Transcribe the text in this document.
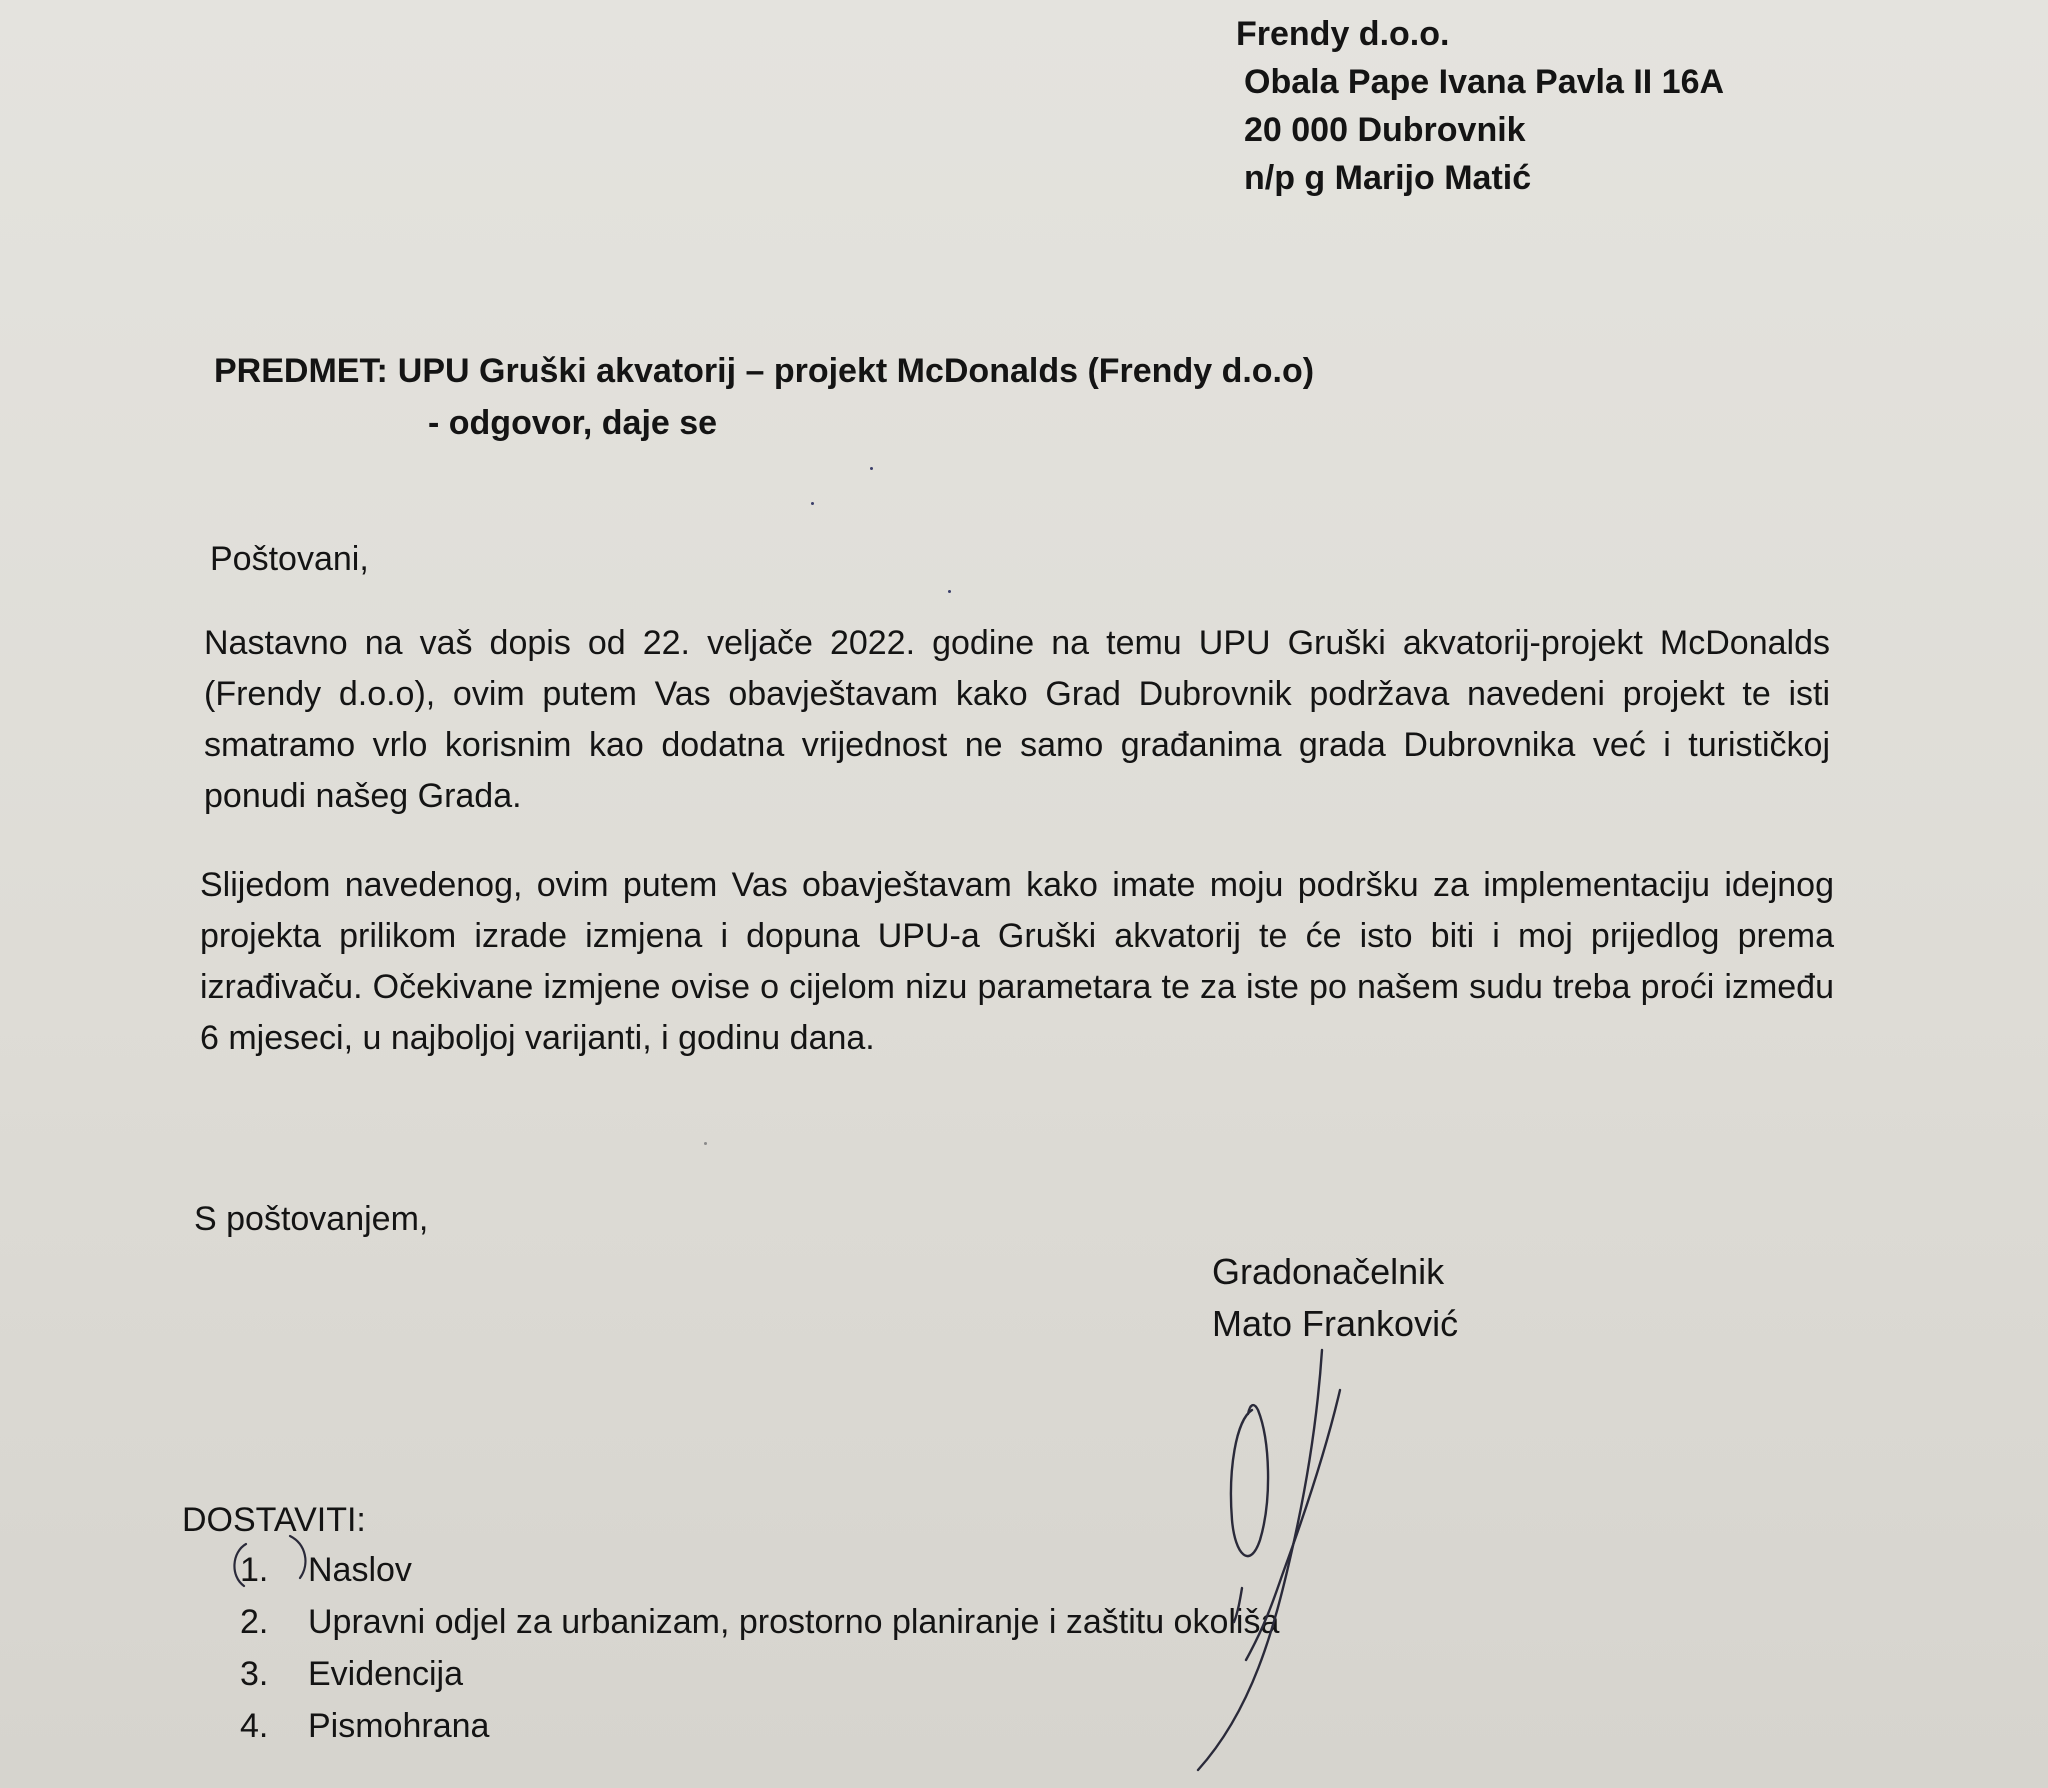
Frendy d.o.o.
Obala Pape Ivana Pavla II 16A
20 000 Dubrovnik
n/p g Marijo Matić
PREDMET: UPU Gruški akvatorij – projekt McDonalds (Frendy d.o.o)
- odgovor, daje se
Poštovani,
Nastavno na vaš dopis od 22. veljače 2022. godine na temu UPU Gruški akvatorij-projekt McDonalds (Frendy d.o.o), ovim putem Vas obavještavam kako Grad Dubrovnik podržava navedeni projekt te isti smatramo vrlo korisnim kao dodatna vrijednost ne samo građanima grada Dubrovnika već i turističkoj ponudi našeg Grada.
Slijedom navedenog, ovim putem Vas obavještavam kako imate moju podršku za implementaciju idejnog projekta prilikom izrade izmjena i dopuna UPU-a Gruški akvatorij te će isto biti i moj prijedlog prema izrađivaču. Očekivane izmjene ovise o cijelom nizu parametara te za iste po našem sudu treba proći između 6 mjeseci, u najboljoj varijanti, i godinu dana.
S poštovanjem,
Gradonačelnik
Mato Franković
DOSTAVITI:
1.	Naslov
2.	Upravni odjel za urbanizam, prostorno planiranje i zaštitu okoliša
3.	Evidencija
4.	Pismohrana
